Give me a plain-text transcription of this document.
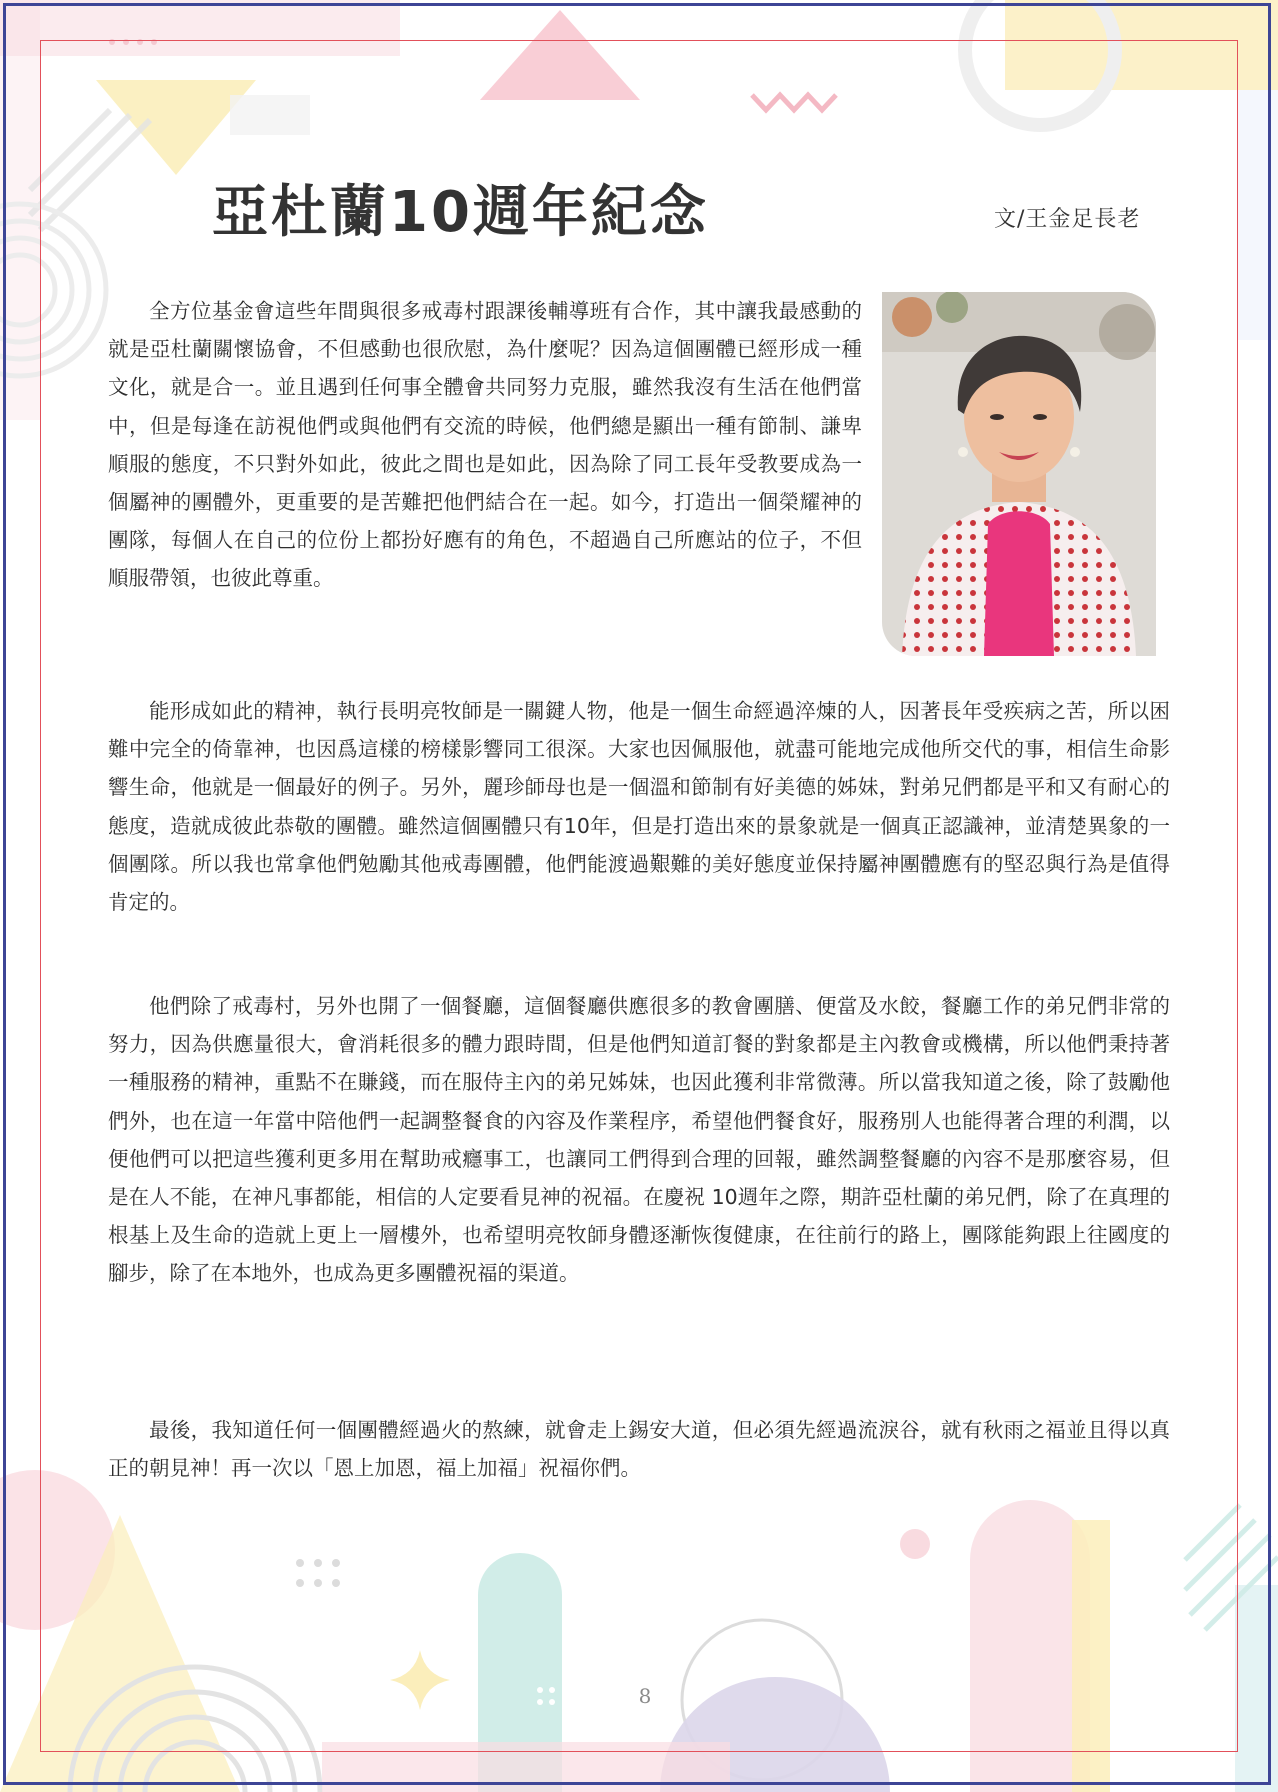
亞杜蘭10週年紀念	文/王金足長老

全方位基金會這些年間與很多戒毒村跟課後輔導班有合作，其中讓我最感動的就是亞杜蘭關懷協會，不但感動也很欣慰，為什麼呢？因為這個團體已經形成一種文化，就是合一。並且遇到任何事全體會共同努力克服，雖然我沒有生活在他們當中，但是每逢在訪視他們或與他們有交流的時候，他們總是顯出一種有節制、謙卑順服的態度，不只對外如此，彼此之間也是如此，因為除了同工長年受教要成為一個屬神的團體外，更重要的是苦難把他們結合在一起。如今，打造出一個榮耀神的團隊，每個人在自己的位份上都扮好應有的角色，不超過自己所應站的位子，不但順服帶領，也彼此尊重。

能形成如此的精神，執行長明亮牧師是一關鍵人物，他是一個生命經過淬煉的人，因著長年受疾病之苦，所以困難中完全的倚靠神，也因爲這樣的榜樣影響同工很深。大家也因佩服他，就盡可能地完成他所交代的事，相信生命影響生命，他就是一個最好的例子。另外，麗珍師母也是一個溫和節制有好美德的姊妹，對弟兄們都是平和又有耐心的態度，造就成彼此恭敬的團體。雖然這個團體只有10年，但是打造出來的景象就是一個真正認識神，並清楚異象的一個團隊。所以我也常拿他們勉勵其他戒毒團體，他們能渡過艱難的美好態度並保持屬神團體應有的堅忍與行為是值得肯定的。

他們除了戒毒村，另外也開了一個餐廳，這個餐廳供應很多的教會團膳、便當及水餃，餐廳工作的弟兄們非常的努力，因為供應量很大，會消耗很多的體力跟時間，但是他們知道訂餐的對象都是主內教會或機構，所以他們秉持著一種服務的精神，重點不在賺錢，而在服侍主內的弟兄姊妹，也因此獲利非常微薄。所以當我知道之後，除了鼓勵他們外，也在這一年當中陪他們一起調整餐食的內容及作業程序，希望他們餐食好，服務別人也能得著合理的利潤，以便他們可以把這些獲利更多用在幫助戒癮事工，也讓同工們得到合理的回報，雖然調整餐廳的內容不是那麼容易，但是在人不能，在神凡事都能，相信的人定要看見神的祝福。在慶祝 10週年之際，期許亞杜蘭的弟兄們，除了在真理的根基上及生命的造就上更上一層樓外，也希望明亮牧師身體逐漸恢復健康，在往前行的路上，團隊能夠跟上往國度的腳步，除了在本地外，也成為更多團體祝福的渠道。

最後，我知道任何一個團體經過火的熬練，就會走上錫安大道，但必須先經過流淚谷，就有秋雨之福並且得以真正的朝見神！再一次以「恩上加恩，福上加福」祝福你們。

8
